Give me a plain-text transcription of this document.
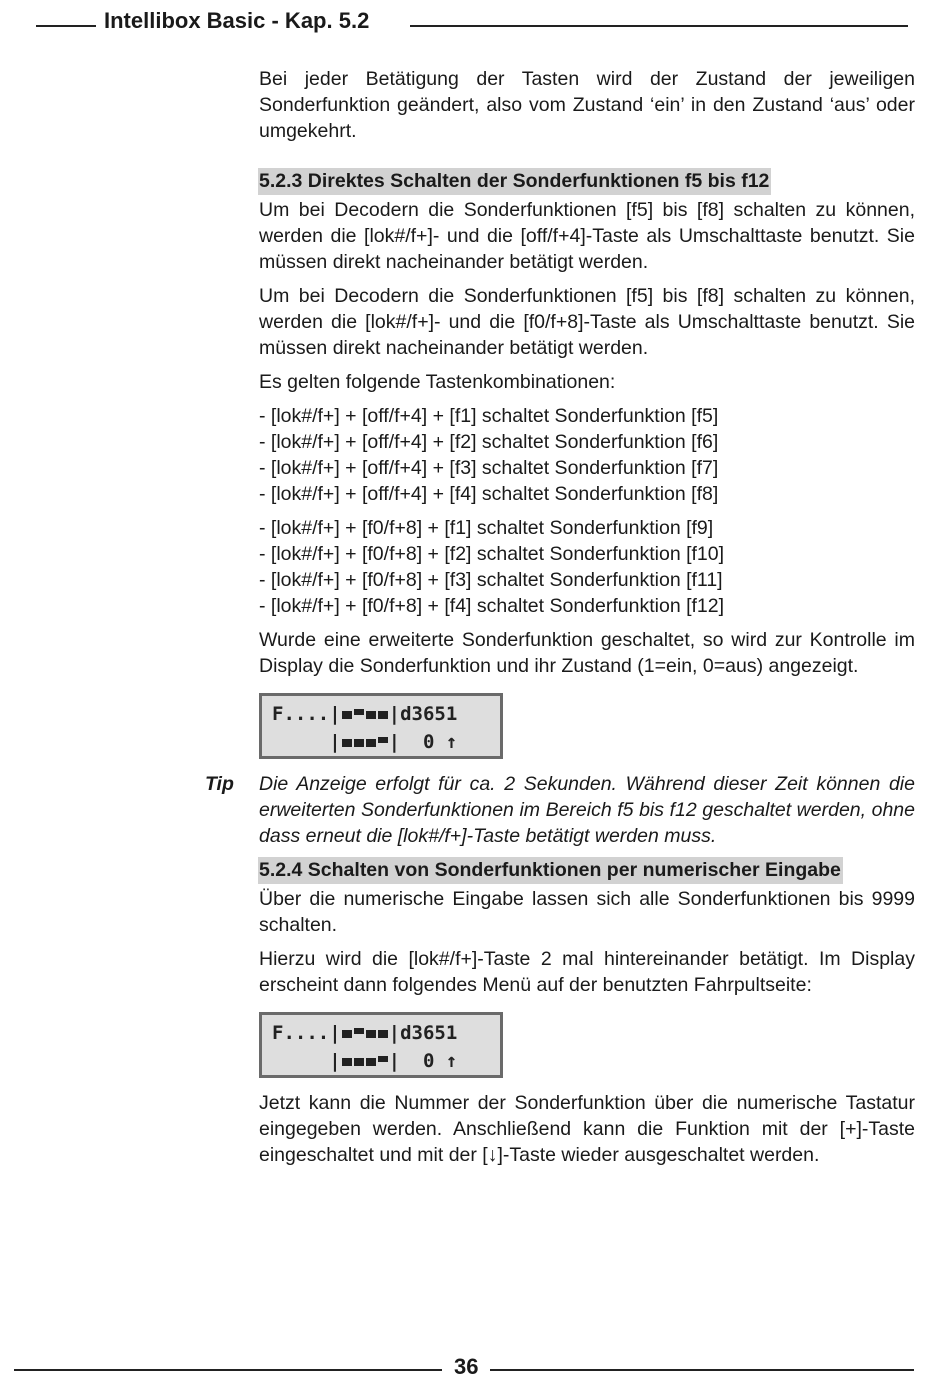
Intellibox Basic - Kap. 5.2

Bei jeder Betätigung der Tasten wird der Zustand der jeweiligen Sonderfunktion geändert, also vom Zustand ‘ein’ in den Zustand ‘aus’ oder umgekehrt.

5.2.3 Direktes Schalten der Sonderfunktionen f5 bis f12

Um bei Decodern die Sonderfunktionen [f5] bis [f8] schalten zu können, werden die [lok#/f+]- und die [off/f+4]-Taste als Umschalttaste benutzt. Sie müssen direkt nacheinander betätigt werden.

Um bei Decodern die Sonderfunktionen [f5] bis [f8] schalten zu können, werden die [lok#/f+]- und die [f0/f+8]-Taste als Umschalttaste benutzt. Sie müssen direkt nacheinander betätigt werden.

Es gelten folgende Tastenkombinationen:

- [lok#/f+] + [off/f+4] + [f1] schaltet Sonderfunktion [f5]
- [lok#/f+] + [off/f+4] + [f2] schaltet Sonderfunktion [f6]
- [lok#/f+] + [off/f+4] + [f3] schaltet Sonderfunktion [f7]
- [lok#/f+] + [off/f+4] + [f4] schaltet Sonderfunktion [f8]
- [lok#/f+] + [f0/f+8] + [f1] schaltet Sonderfunktion [f9]
- [lok#/f+] + [f0/f+8] + [f2] schaltet Sonderfunktion [f10]
- [lok#/f+] + [f0/f+8] + [f3] schaltet Sonderfunktion [f11]
- [lok#/f+] + [f0/f+8] + [f4] schaltet Sonderfunktion [f12]

Wurde eine erweiterte Sonderfunktion geschaltet, so wird zur Kontrolle im Display die Sonderfunktion und ihr Zustand (1=ein, 0=aus) angezeigt.

F....|	|d3651
|	|  0 ↑
Tip Die Anzeige erfolgt für ca. 2 Sekunden. Während dieser Zeit können die erweiterten Sonderfunktionen im Bereich f5 bis f12 geschaltet werden, ohne dass erneut die [lok#/f+]-Taste betätigt werden muss.

5.2.4 Schalten von Sonderfunktionen per numerischer Eingabe

Über die numerische Eingabe lassen sich alle Sonderfunktionen bis 9999 schalten.

Hierzu wird die [lok#/f+]-Taste 2 mal hintereinander betätigt. Im Display erscheint dann folgendes Menü auf der benutzten Fahrpultseite:

F....|	|d3651
|	|  0 ↑

Jetzt kann die Nummer der Sonderfunktion über die numerische Tastatur eingegeben werden. Anschließend kann die Funktion mit der [+]-Taste eingeschaltet und mit der [↓]-Taste wieder ausgeschaltet werden.

36
